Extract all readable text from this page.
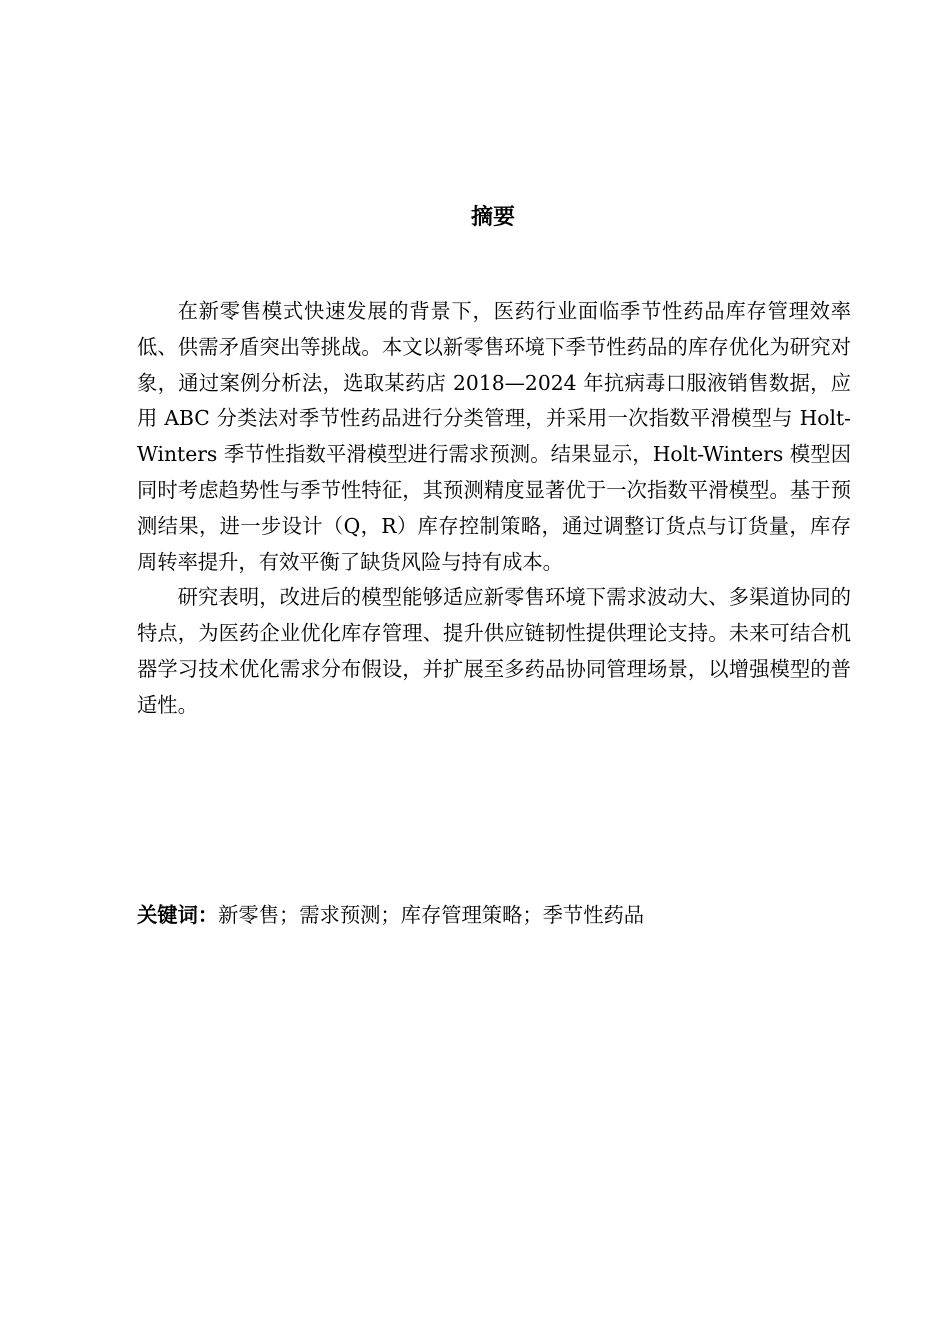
摘要

在新零售模式快速发展的背景下，医药行业面临季节性药品库存管理效率低、供需矛盾突出等挑战。本文以新零售环境下季节性药品的库存优化为研究对象，通过案例分析法，选取某药店 2018—2024 年抗病毒口服液销售数据，应用 ABC 分类法对季节性药品进行分类管理，并采用一次指数平滑模型与 Holt-Winters 季节性指数平滑模型进行需求预测。结果显示，Holt-Winters 模型因同时考虑趋势性与季节性特征，其预测精度显著优于一次指数平滑模型。基于预测结果，进一步设计（Q，R）库存控制策略，通过调整订货点与订货量，库存周转率提升，有效平衡了缺货风险与持有成本。

研究表明，改进后的模型能够适应新零售环境下需求波动大、多渠道协同的特点，为医药企业优化库存管理、提升供应链韧性提供理论支持。未来可结合机器学习技术优化需求分布假设，并扩展至多药品协同管理场景，以增强模型的普适性。

关键词：新零售；需求预测；库存管理策略；季节性药品
